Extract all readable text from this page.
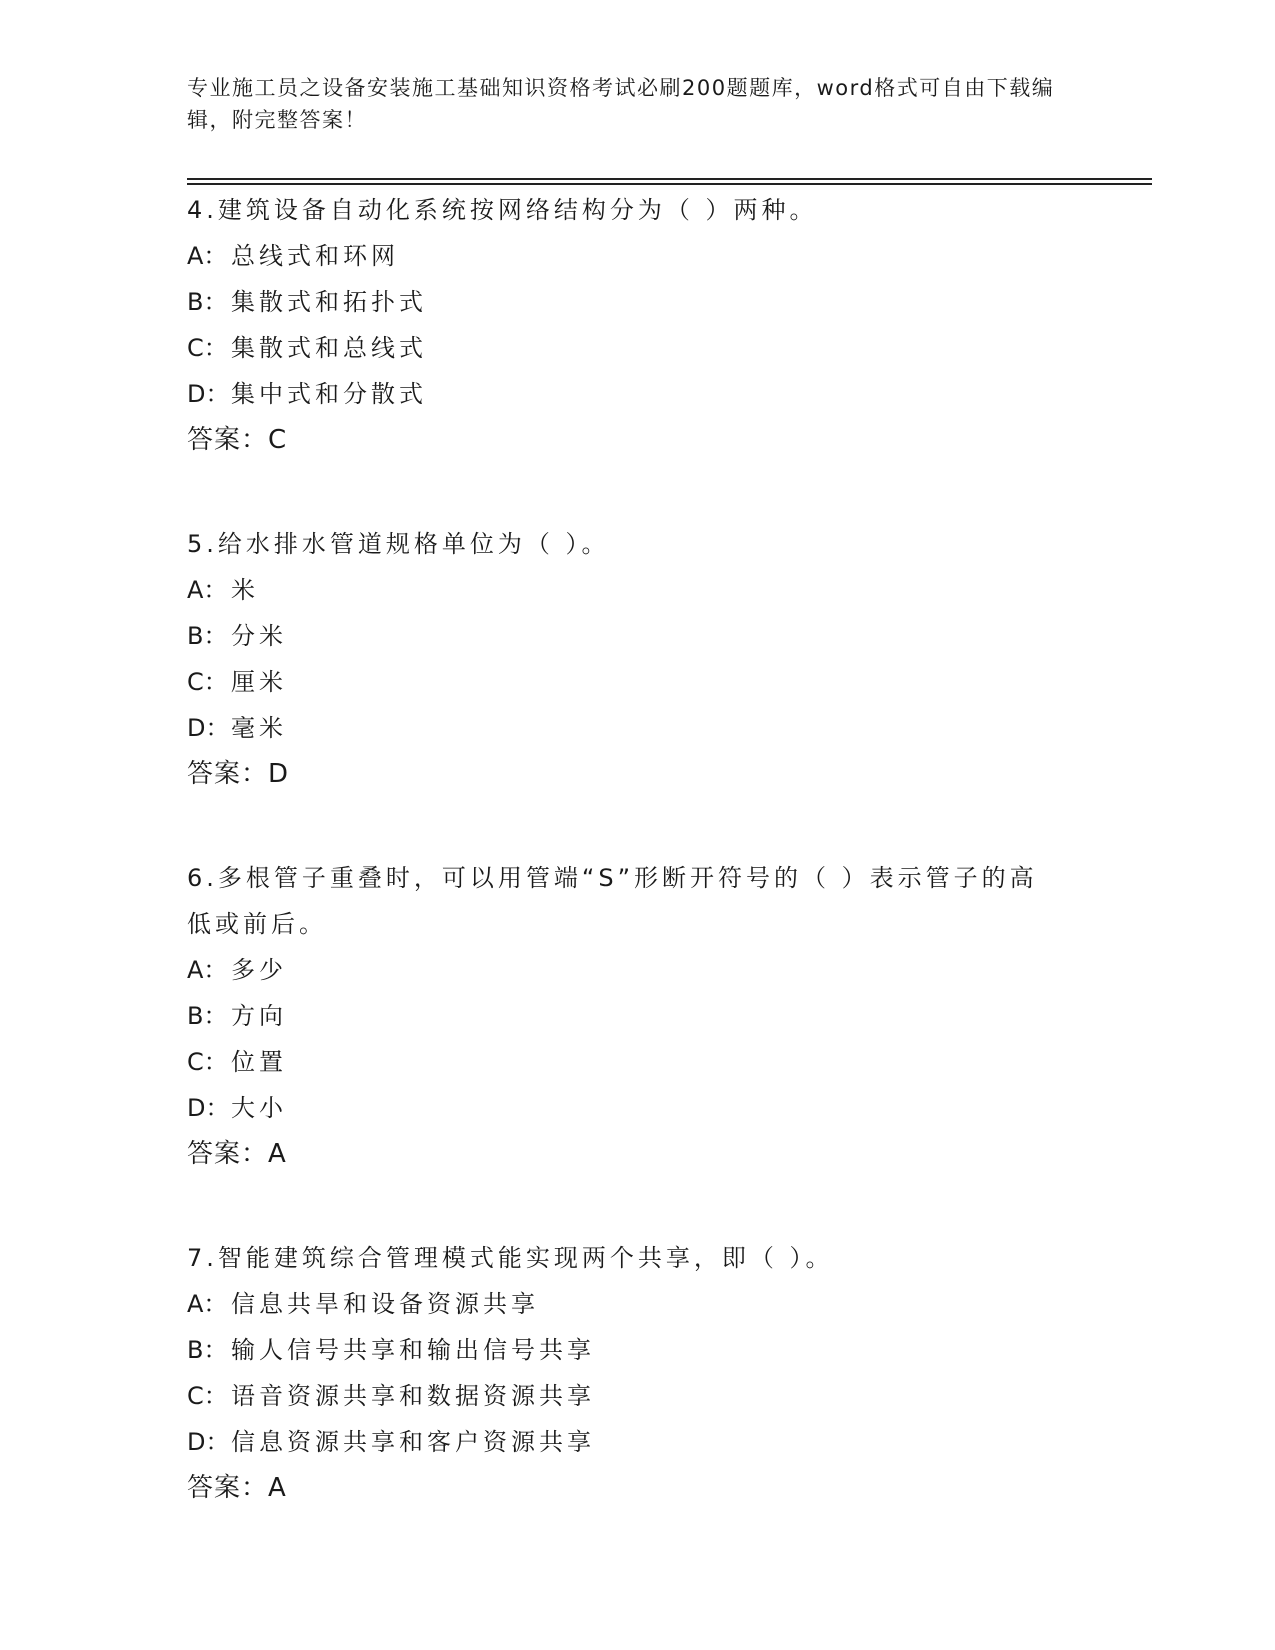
专业施工员之设备安装施工基础知识资格考试必刷200题题库，word格式可自由下载编辑，附完整答案！
4.建筑设备自动化系统按网络结构分为（ ）两种。
A： 总线式和环网
B： 集散式和拓扑式
C： 集散式和总线式
D：集中式和分散式
答案：C
5.给水排水管道规格单位为（ ）。
A： 米
B： 分米
C： 厘米
D：毫米
答案：D
6.多根管子重叠时，可以用管端“S”形断开符号的（ ）表示管子的高低或前后。
A： 多少
B： 方向
C： 位置
D：大小
答案：A
7.智能建筑综合管理模式能实现两个共享，即（ ）。
A： 信息共旱和设备资源共享
B： 输人信号共享和输出信号共享
C： 语音资源共享和数据资源共享
D：信息资源共享和客户资源共享
答案：A
